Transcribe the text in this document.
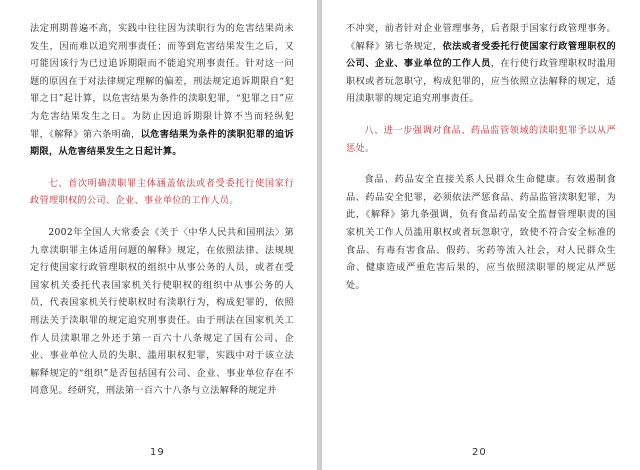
法定刑期普遍不高，实践中往往因为渎职行为的危害结果尚未发生，因而难以追究刑事责任；而等到危害结果发生之后，又可能因该行为已过追诉期限而不能追究刑事责任。针对这一问题的原因在于对法律规定理解的偏差，刑法规定追诉期限自“犯罪之日”起计算，以危害结果为条件的渎职犯罪，“犯罪之日”应为危害结果发生之日。为防止因追诉期限计算不当而轻纵犯罪，《解释》第六条明确，以危害结果为条件的渎职犯罪的追诉期限，从危害结果发生之日起计算。

七、首次明确渎职罪主体涵盖依法或者受委托行使国家行政管理职权的公司、企业、事业单位的工作人员。

2002年全国人大常委会《关于〈中华人民共和国刑法〉第九章渎职罪主体适用问题的解释》规定，在依照法律、法规规定行使国家行政管理职权的组织中从事公务的人员，或者在受国家机关委托代表国家机关行使职权的组织中从事公务的人员，代表国家机关行使职权时有渎职行为，构成犯罪的，依照刑法关于渎职罪的规定追究刑事责任。由于刑法在国家机关工作人员渎职罪之外还于第一百六十八条规定了国有公司、企业、事业单位人员的失职、滥用职权犯罪，实践中对于该立法解释规定的“组织”是否包括国有公司、企业、事业单位存在不同意见。经研究，刑法第一百六十八条与立法解释的规定并

19

不冲突，前者针对企业管理事务，后者限于国家行政管理事务。《解释》第七条规定，依法或者受委托行使国家行政管理职权的公司、企业、事业单位的工作人员，在行使行政管理职权时滥用职权或者玩忽职守，构成犯罪的，应当依照立法解释的规定，适用渎职罪的规定追究刑事责任。

八、进一步强调对食品、药品监管领域的渎职犯罪予以从严惩处。

食品、药品安全直接关系人民群众生命健康。有效遏制食品、药品安全犯罪，必须依法严惩食品、药品监管渎职犯罪，为此，《解释》第九条强调，负有食品药品安全监督管理职责的国家机关工作人员滥用职权或者玩忽职守，致使不符合安全标准的食品、有毒有害食品、假药、劣药等流入社会，对人民群众生命、健康造成严重危害后果的，应当依照渎职罪的规定从严惩处。

20
